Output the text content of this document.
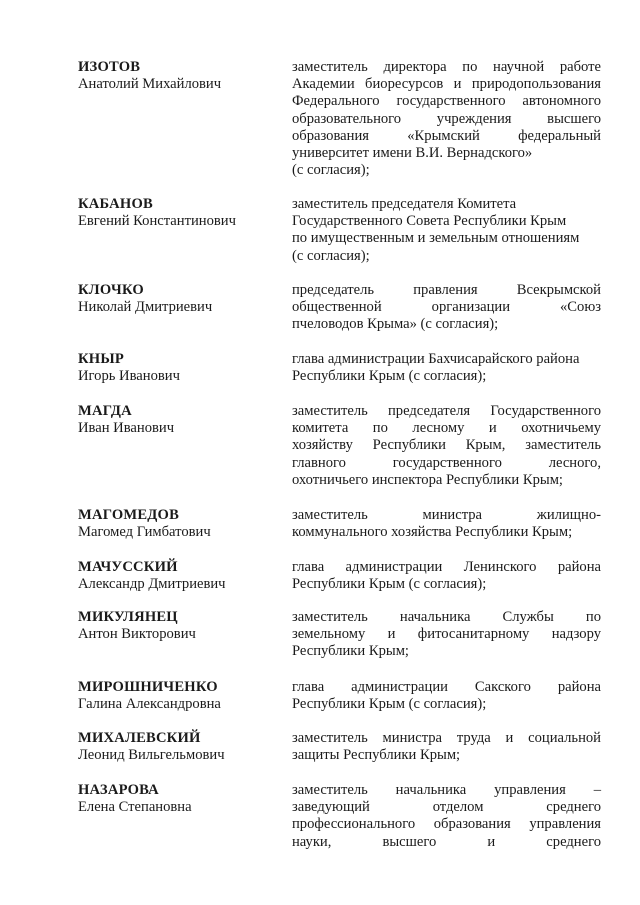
ИЗОТОВ
Анатолий Михайлович
заместитель директора по научной работе
Академии биоресурсов и природопользования
Федерального государственного автономного
образовательного учреждения высшего
образования «Крымский федеральный
университет имени В.И. Вернадского»
(с согласия);
КАБАНОВ
Евгений Константинович
заместитель председателя Комитета
Государственного Совета Республики Крым
по имущественным и земельным отношениям
(с согласия);
КЛОЧКО
Николай Дмитриевич
председатель правления Всекрымской
общественной организации «Союз
пчеловодов Крыма» (с согласия);
КНЫР
Игорь Иванович
глава администрации Бахчисарайского района
Республики Крым (с согласия);
МАГДА
Иван Иванович
заместитель председателя Государственного
комитета по лесному и охотничьему
хозяйству Республики Крым, заместитель
главного государственного лесного,
охотничьего инспектора Республики Крым;
МАГОМЕДОВ
Магомед Гимбатович
заместитель министра жилищно-
коммунального хозяйства Республики Крым;
МАЧУССКИЙ
Александр Дмитриевич
глава администрации Ленинского района
Республики Крым (с согласия);
МИКУЛЯНЕЦ
Антон Викторович
заместитель начальника Службы по
земельному и фитосанитарному надзору
Республики Крым;
МИРОШНИЧЕНКО
Галина Александровна
глава администрации Сакского района
Республики Крым (с согласия);
МИХАЛЕВСКИЙ
Леонид Вильгельмович
заместитель министра труда и социальной
защиты Республики Крым;
НАЗАРОВА
Елена Степановна
заместитель начальника управления –
заведующий отделом среднего
профессионального образования управления
науки, высшего и среднего
